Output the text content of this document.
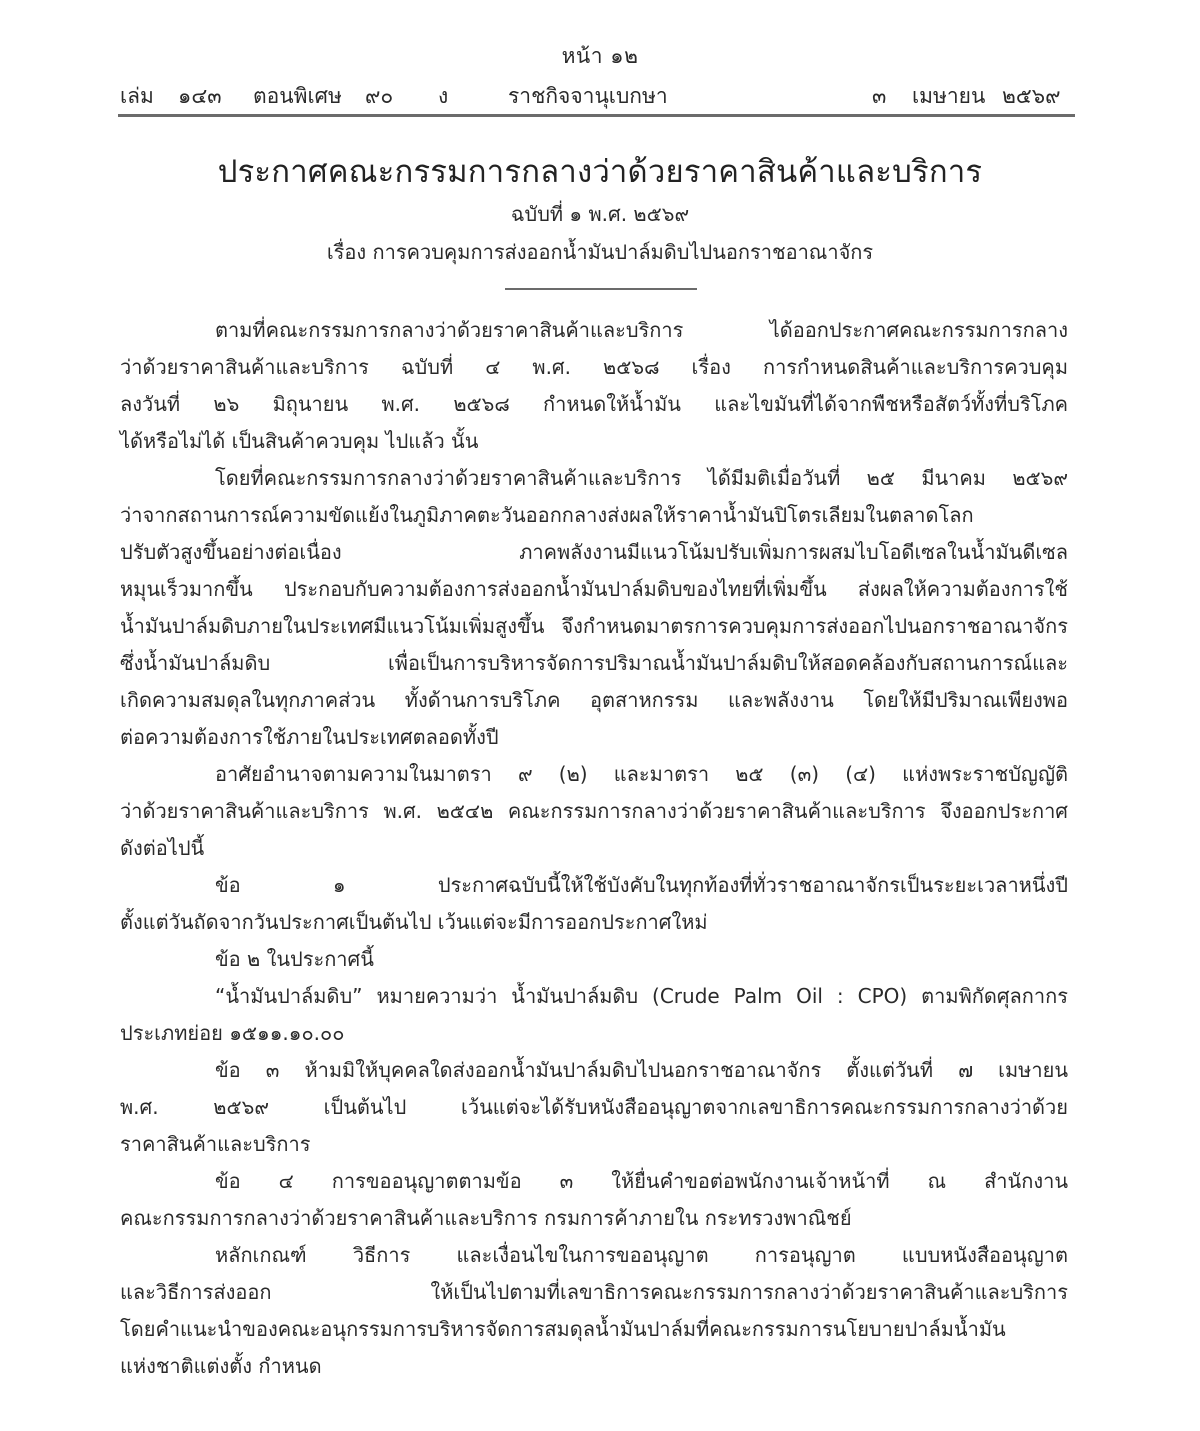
หน้า ๑๒
เล่ม ๑๔๓ ตอนพิเศษ ๙๐ ง	ราชกิจจานุเบกษา	๓ เมษายน ๒๕๖๙
ประกาศคณะกรรมการกลางว่าด้วยราคาสินค้าและบริการ
ฉบับที่ ๑ พ.ศ. ๒๕๖๙
เรื่อง การควบคุมการส่งออกน้ำมันปาล์มดิบไปนอกราชอาณาจักร
ตามที่คณะกรรมการกลางว่าด้วยราคาสินค้าและบริการ ได้ออกประกาศคณะกรรมการกลาง
ว่าด้วยราคาสินค้าและบริการ ฉบับที่ ๔ พ.ศ. ๒๕๖๘ เรื่อง การกำหนดสินค้าและบริการควบคุม
ลงวันที่ ๒๖ มิถุนายน พ.ศ. ๒๕๖๘ กำหนดให้น้ำมัน และไขมันที่ได้จากพืชหรือสัตว์ทั้งที่บริโภค
ได้หรือไม่ได้ เป็นสินค้าควบคุม ไปแล้ว นั้น
โดยที่คณะกรรมการกลางว่าด้วยราคาสินค้าและบริการ ได้มีมติเมื่อวันที่ ๒๕ มีนาคม ๒๕๖๙
ว่าจากสถานการณ์ความขัดแย้งในภูมิภาคตะวันออกกลางส่งผลให้ราคาน้ำมันปิโตรเลียมในตลาดโลก
ปรับตัวสูงขึ้นอย่างต่อเนื่อง ภาคพลังงานมีแนวโน้มปรับเพิ่มการผสมไบโอดีเซลในน้ำมันดีเซล
หมุนเร็วมากขึ้น ประกอบกับความต้องการส่งออกน้ำมันปาล์มดิบของไทยที่เพิ่มขึ้น ส่งผลให้ความต้องการใช้
น้ำมันปาล์มดิบภายในประเทศมีแนวโน้มเพิ่มสูงขึ้น จึงกำหนดมาตรการควบคุมการส่งออกไปนอกราชอาณาจักร
ซึ่งน้ำมันปาล์มดิบ เพื่อเป็นการบริหารจัดการปริมาณน้ำมันปาล์มดิบให้สอดคล้องกับสถานการณ์และ
เกิดความสมดุลในทุกภาคส่วน ทั้งด้านการบริโภค อุตสาหกรรม และพลังงาน โดยให้มีปริมาณเพียงพอ
ต่อความต้องการใช้ภายในประเทศตลอดทั้งปี
อาศัยอำนาจตามความในมาตรา ๙ (๒) และมาตรา ๒๕ (๓) (๔) แห่งพระราชบัญญัติ
ว่าด้วยราคาสินค้าและบริการ พ.ศ. ๒๕๔๒ คณะกรรมการกลางว่าด้วยราคาสินค้าและบริการ จึงออกประกาศ
ดังต่อไปนี้
ข้อ ๑ ประกาศฉบับนี้ให้ใช้บังคับในทุกท้องที่ทั่วราชอาณาจักรเป็นระยะเวลาหนึ่งปี
ตั้งแต่วันถัดจากวันประกาศเป็นต้นไป เว้นแต่จะมีการออกประกาศใหม่
ข้อ ๒ ในประกาศนี้
“น้ำมันปาล์มดิบ” หมายความว่า น้ำมันปาล์มดิบ (Crude Palm Oil : CPO) ตามพิกัดศุลกากร
ประเภทย่อย ๑๕๑๑.๑๐.๐๐
ข้อ ๓ ห้ามมิให้บุคคลใดส่งออกน้ำมันปาล์มดิบไปนอกราชอาณาจักร ตั้งแต่วันที่ ๗ เมษายน
พ.ศ. ๒๕๖๙ เป็นต้นไป เว้นแต่จะได้รับหนังสืออนุญาตจากเลขาธิการคณะกรรมการกลางว่าด้วย
ราคาสินค้าและบริการ
ข้อ ๔ การขออนุญาตตามข้อ ๓ ให้ยื่นคำขอต่อพนักงานเจ้าหน้าที่ ณ สำนักงาน
คณะกรรมการกลางว่าด้วยราคาสินค้าและบริการ กรมการค้าภายใน กระทรวงพาณิชย์
หลักเกณฑ์ วิธีการ และเงื่อนไขในการขออนุญาต การอนุญาต แบบหนังสืออนุญาต
และวิธีการส่งออก ให้เป็นไปตามที่เลขาธิการคณะกรรมการกลางว่าด้วยราคาสินค้าและบริการ
โดยคำแนะนำของคณะอนุกรรมการบริหารจัดการสมดุลน้ำมันปาล์มที่คณะกรรมการนโยบายปาล์มน้ำมัน
แห่งชาติแต่งตั้ง กำหนด
